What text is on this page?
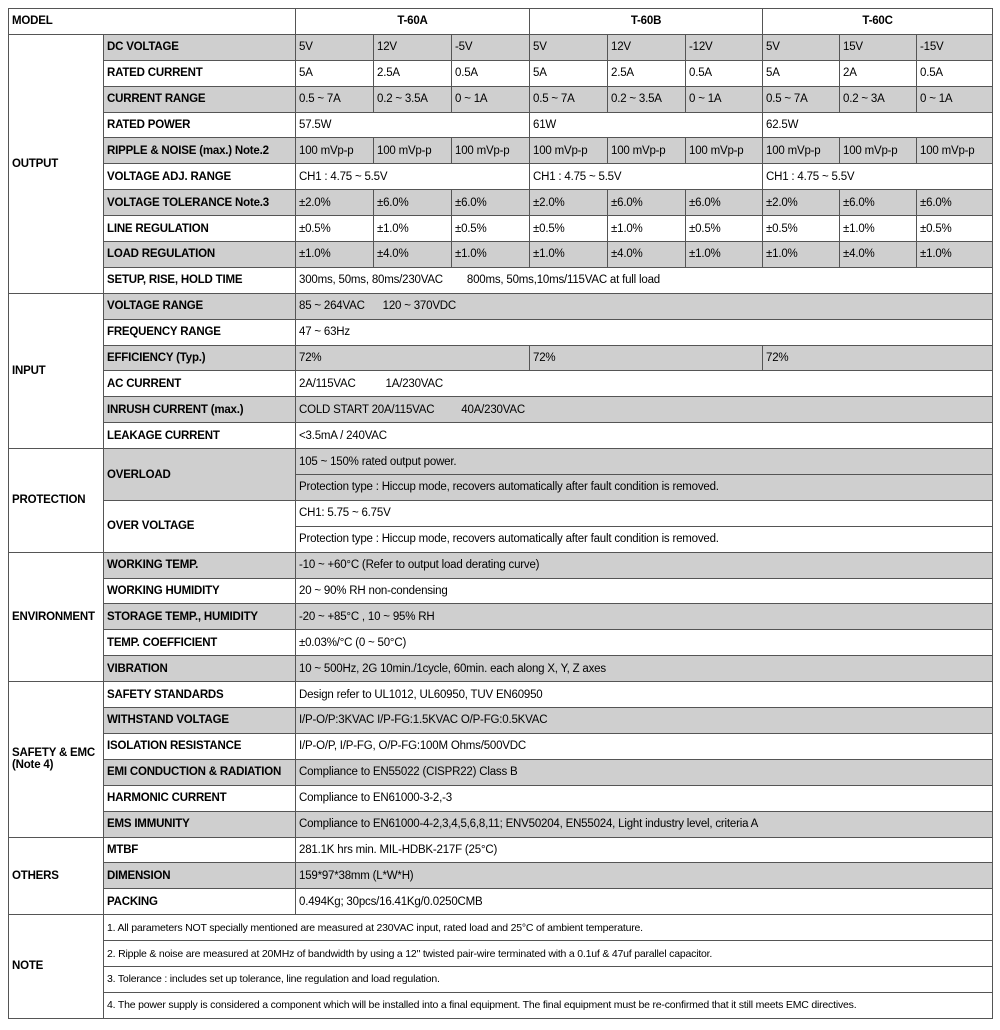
MODEL		T-60A			T-60B			T-60C		
OUTPUT	DC VOLTAGE	5V	12V	-5V	5V	12V	-12V	5V	15V	-15V
	RATED CURRENT	5A	2.5A	0.5A	5A	2.5A	0.5A	5A	2A	0.5A
	CURRENT RANGE	0.5 ~ 7A	0.2 ~ 3.5A	0 ~ 1A	0.5 ~ 7A	0.2 ~ 3.5A	0 ~ 1A	0.5 ~ 7A	0.2 ~ 3A	0 ~ 1A
	RATED POWER	57.5W			61W			62.5W		
	RIPPLE & NOISE (max.) Note.2	100 mVp-p	100 mVp-p	100 mVp-p	100 mVp-p	100 mVp-p	100 mVp-p	100 mVp-p	100 mVp-p	100 mVp-p
	VOLTAGE ADJ. RANGE	CH1 : 4.75 ~ 5.5V			CH1 : 4.75 ~ 5.5V			CH1 : 4.75 ~ 5.5V		
	VOLTAGE TOLERANCE Note.3	±2.0%	±6.0%	±6.0%	±2.0%	±6.0%	±6.0%	±2.0%	±6.0%	±6.0%
	LINE REGULATION	±0.5%	±1.0%	±0.5%	±0.5%	±1.0%	±0.5%	±0.5%	±1.0%	±0.5%
	LOAD REGULATION	±1.0%	±4.0%	±1.0%	±1.0%	±4.0%	±1.0%	±1.0%	±4.0%	±1.0%
	SETUP, RISE, HOLD TIME	300ms, 50ms, 80ms/230VAC        800ms, 50ms,10ms/115VAC at full load								
INPUT	VOLTAGE RANGE	85 ~ 264VAC      120 ~ 370VDC								
	FREQUENCY RANGE	47 ~ 63Hz								
	EFFICIENCY (Typ.)	72%			72%			72%		
	AC CURRENT	2A/115VAC          1A/230VAC								
	INRUSH CURRENT (max.)	COLD START 20A/115VAC         40A/230VAC								
	LEAKAGE CURRENT	<3.5mA / 240VAC								
PROTECTION	OVERLOAD	105 ~ 150% rated output power.								
		Protection type : Hiccup mode, recovers automatically after fault condition is removed.								
	OVER VOLTAGE	CH1: 5.75 ~ 6.75V								
		Protection type : Hiccup mode, recovers automatically after fault condition is removed.								
ENVIRONMENT	WORKING TEMP.	-10 ~ +60°C (Refer to output load derating curve)								
	WORKING HUMIDITY	20 ~ 90% RH non-condensing								
	STORAGE TEMP., HUMIDITY	-20 ~ +85°C , 10 ~ 95% RH								
	TEMP. COEFFICIENT	±0.03%/°C (0 ~ 50°C)								
	VIBRATION	10 ~ 500Hz, 2G 10min./1cycle, 60min. each along X, Y, Z axes								
SAFETY & EMC
(Note 4)	SAFETY STANDARDS	Design refer to UL1012, UL60950, TUV EN60950								
	WITHSTAND VOLTAGE	I/P-O/P:3KVAC I/P-FG:1.5KVAC O/P-FG:0.5KVAC								
	ISOLATION RESISTANCE	I/P-O/P, I/P-FG, O/P-FG:100M Ohms/500VDC								
	EMI CONDUCTION & RADIATION	Compliance to EN55022 (CISPR22) Class B								
	HARMONIC CURRENT	Compliance to EN61000-3-2,-3								
	EMS IMMUNITY	Compliance to EN61000-4-2,3,4,5,6,8,11; ENV50204, EN55024, Light industry level, criteria A								
OTHERS	MTBF	281.1K hrs min. MIL-HDBK-217F (25°C)								
	DIMENSION	159*97*38mm (L*W*H)								
	PACKING	0.494Kg; 30pcs/16.41Kg/0.0250CMB								
NOTE	1. All parameters NOT specially mentioned are measured at 230VAC input, rated load and 25°C of ambient temperature.									
	2. Ripple & noise are measured at 20MHz of bandwidth by using a 12" twisted pair-wire terminated with a 0.1uf & 47uf parallel capacitor.									
	3. Tolerance : includes set up tolerance, line regulation and load regulation.									
	4. The power supply is considered a component which will be installed into a final equipment. The final equipment must be re-confirmed that it still meets EMC directives.									
